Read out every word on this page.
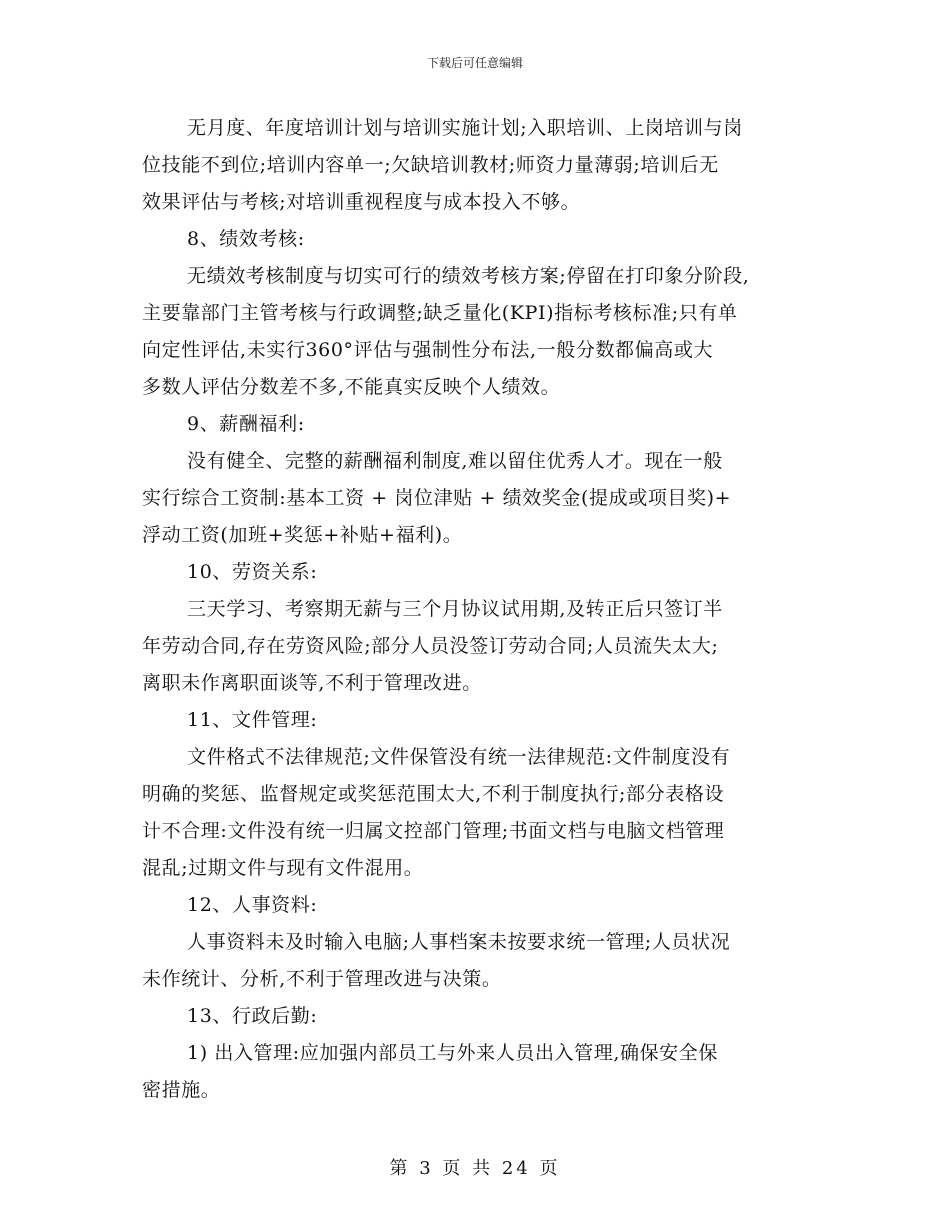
下载后可任意编辑
无月度、年度培训计划与培训实施计划;入职培训、上岗培训与岗
位技能不到位;培训内容单一;欠缺培训教材;师资力量薄弱;培训后无
效果评估与考核;对培训重视程度与成本投入不够。
8、绩效考核:
无绩效考核制度与切实可行的绩效考核方案;停留在打印象分阶段,
主要靠部门主管考核与行政调整;缺乏量化(KPI)指标考核标准;只有单
向定性评估,未实行360°评估与强制性分布法,一般分数都偏高或大
多数人评估分数差不多,不能真实反映个人绩效。
9、薪酬福利:
没有健全、完整的薪酬福利制度,难以留住优秀人才。现在一般
实行综合工资制:基本工资 + 岗位津贴 + 绩效奖金(提成或项目奖)+
浮动工资(加班+奖惩+补贴+福利)。
10、劳资关系:
三天学习、考察期无薪与三个月协议试用期,及转正后只签订半
年劳动合同,存在劳资风险;部分人员没签订劳动合同;人员流失太大;
离职未作离职面谈等,不利于管理改进。
11、文件管理:
文件格式不法律规范;文件保管没有统一法律规范:文件制度没有
明确的奖惩、监督规定或奖惩范围太大,不利于制度执行;部分表格设
计不合理:文件没有统一归属文控部门管理;书面文档与电脑文档管理
混乱;过期文件与现有文件混用。
12、人事资料:
人事资料未及时输入电脑;人事档案未按要求统一管理;人员状况
未作统计、分析,不利于管理改进与决策。
13、行政后勤:
1) 出入管理:应加强内部员工与外来人员出入管理,确保安全保
密措施。
第 3 页 共 24 页
